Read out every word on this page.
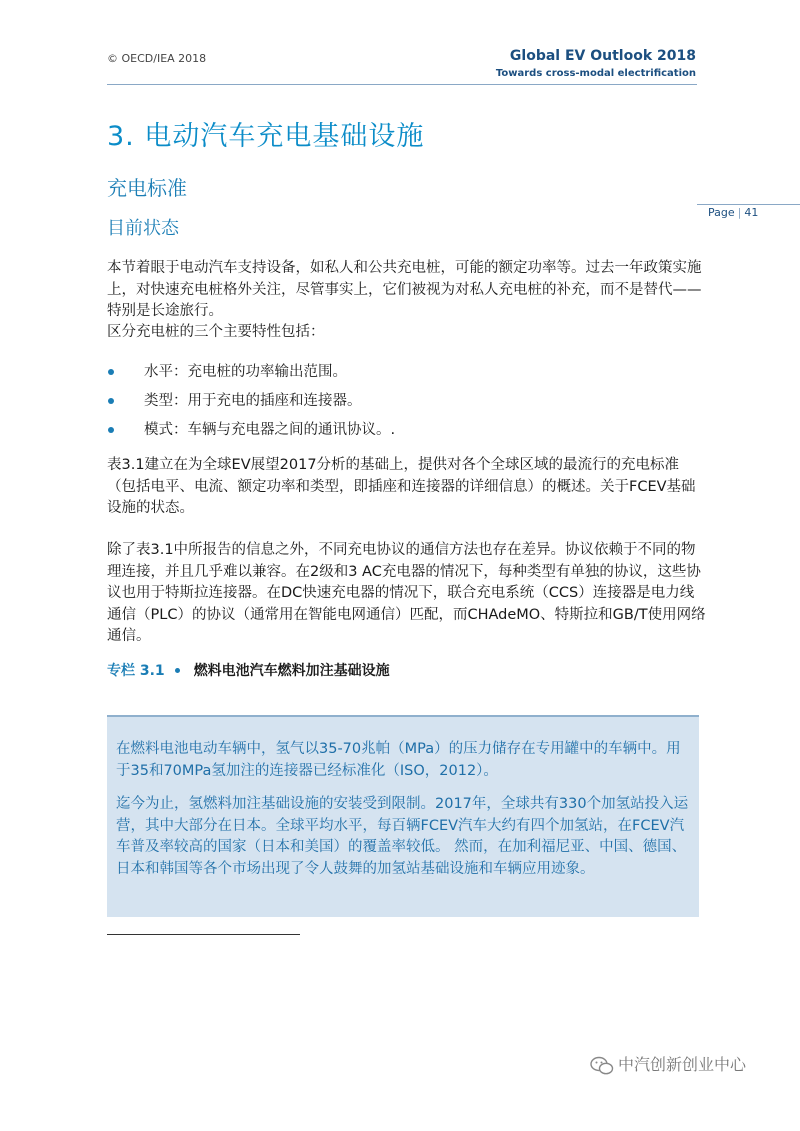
© OECD/IEA 2018	Global EV Outlook 2018
Towards cross-modal electrification
Page | 41
3. 电动汽车充电基础设施
充电标准
目前状态
本节着眼于电动汽车支持设备，如私人和公共充电桩，可能的额定功率等。过去一年政策实施上，对快速充电桩格外关注，尽管事实上，它们被视为对私人充电桩的补充，而不是替代——特别是长途旅行。
区分充电桩的三个主要特性包括：
水平：充电桩的功率输出范围。
类型：用于充电的插座和连接器。
模式：车辆与充电器之间的通讯协议。.
表3.1建立在为全球EV展望2017分析的基础上，提供对各个全球区域的最流行的充电标准（包括电平、电流、额定功率和类型，即插座和连接器的详细信息）的概述。关于FCEV基础设施的状态。
除了表3.1中所报告的信息之外，不同充电协议的通信方法也存在差异。协议依赖于不同的物理连接，并且几乎难以兼容。在2级和3 AC充电器的情况下，每种类型有单独的协议，这些协议也用于特斯拉连接器。在DC快速充电器的情况下，联合充电系统（CCS）连接器是电力线通信（PLC）的协议（通常用在智能电网通信）匹配，而CHAdeMO、特斯拉和GB/T使用网络通信。
专栏 3.1 燃料电池汽车燃料加注基础设施
在燃料电池电动车辆中，氢气以35-70兆帕（MPa）的压力储存在专用罐中的车辆中。用于35和70MPa氢加注的连接器已经标准化（ISO，2012）。
迄今为止，氢燃料加注基础设施的安装受到限制。2017年，全球共有330个加氢站投入运营，其中大部分在日本。全球平均水平，每百辆FCEV汽车大约有四个加氢站，在FCEV汽车普及率较高的国家（日本和美国）的覆盖率较低。 然而，在加利福尼亚、中国、德国、日本和韩国等各个市场出现了令人鼓舞的加氢站基础设施和车辆应用迹象。
中汽创新创业中心
